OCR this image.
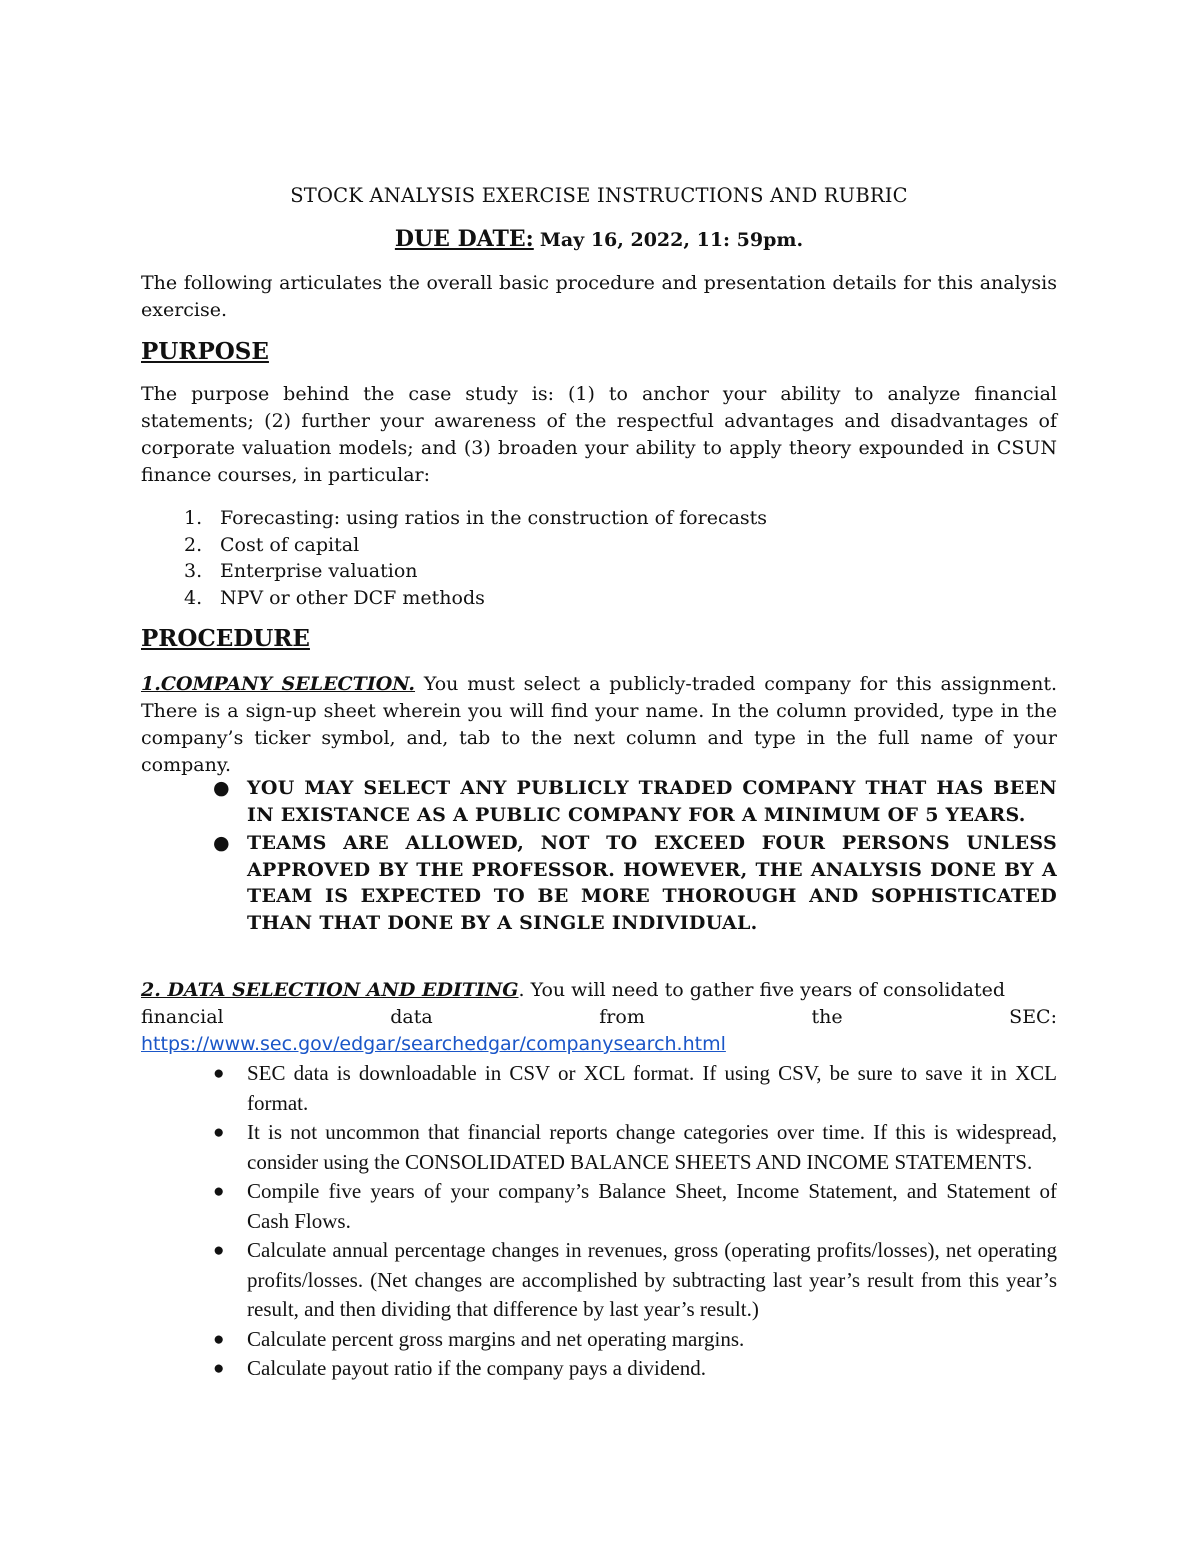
STOCK ANALYSIS EXERCISE INSTRUCTIONS AND RUBRIC
DUE DATE: May 16, 2022, 11: 59pm.

The following articulates the overall basic procedure and presentation details for this analysis exercise.

PURPOSE

The purpose behind the case study is: (1) to anchor your ability to analyze financial statements; (2) further your awareness of the respectful advantages and disadvantages of corporate valuation models; and (3) broaden your ability to apply theory expounded in CSUN finance courses, in particular:

1. Forecasting: using ratios in the construction of forecasts
2. Cost of capital
3. Enterprise valuation
4. NPV or other DCF methods
PROCEDURE

1.COMPANY SELECTION. You must select a publicly-traded company for this assignment. There is a sign-up sheet wherein you will find your name. In the column provided, type in the company’s ticker symbol, and, tab to the next column and type in the full name of your company.

● YOU MAY SELECT ANY PUBLICLY TRADED COMPANY THAT HAS BEEN IN EXISTANCE AS A PUBLIC COMPANY FOR A MINIMUM OF 5 YEARS.
● TEAMS ARE ALLOWED, NOT TO EXCEED FOUR PERSONS UNLESS APPROVED BY THE PROFESSOR. HOWEVER, THE ANALYSIS DONE BY A TEAM IS EXPECTED TO BE MORE THOROUGH AND SOPHISTICATED THAN THAT DONE BY A SINGLE INDIVIDUAL.
2. DATA SELECTION AND EDITING. You will need to gather five years of consolidated
financial data from the SEC:
https://www.sec.gov/edgar/searchedgar/companysearch.html
● SEC data is downloadable in CSV or XCL format. If using CSV, be sure to save it in XCL format.
● It is not uncommon that financial reports change categories over time. If this is widespread, consider using the CONSOLIDATED BALANCE SHEETS AND INCOME STATEMENTS.
● Compile five years of your company’s Balance Sheet, Income Statement, and Statement of Cash Flows.
● Calculate annual percentage changes in revenues, gross (operating profits/losses), net operating profits/losses. (Net changes are accomplished by subtracting last year’s result from this year’s result, and then dividing that difference by last year’s result.)
● Calculate percent gross margins and net operating margins.
● Calculate payout ratio if the company pays a dividend.
